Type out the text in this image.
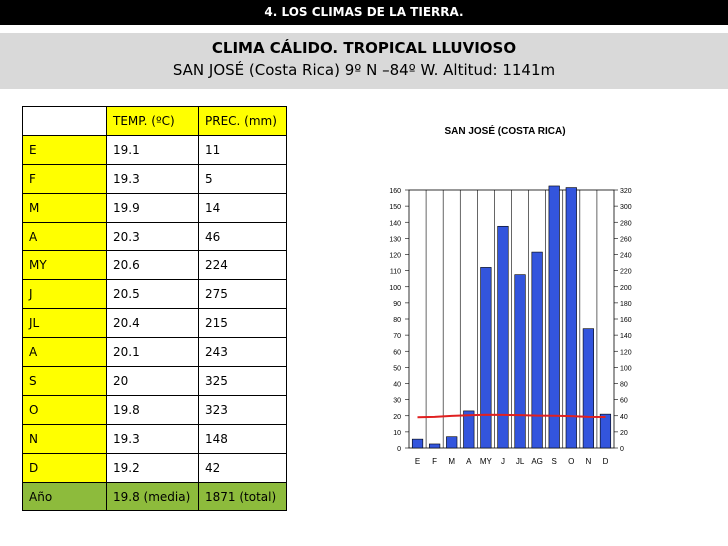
4. LOS CLIMAS DE LA TIERRA.
CLIMA CÁLIDO. TROPICAL LLUVIOSO
SAN JOSÉ (Costa Rica) 9º N –84º W. Altitud: 1141m
	TEMP. (ºC)	PREC. (mm)
E	19.1	11
F	19.3	5
M	19.9	14
A	20.3	46
MY	20.6	224
J	20.5	275
JL	20.4	215
A	20.1	243
S	20	325
O	19.8	323
N	19.3	148
D	19.2	42
Año	19.8 (media)	1871 (total)
SAN JOSÉ (COSTA RICA)
0
10
20
30
40
50
60
70
80
90
100
110
120
130
140
150
160
0
20
40
60
80
100
120
140
160
180
200
220
240
260
280
300
320
E F M A MY J JL AG S O N D
